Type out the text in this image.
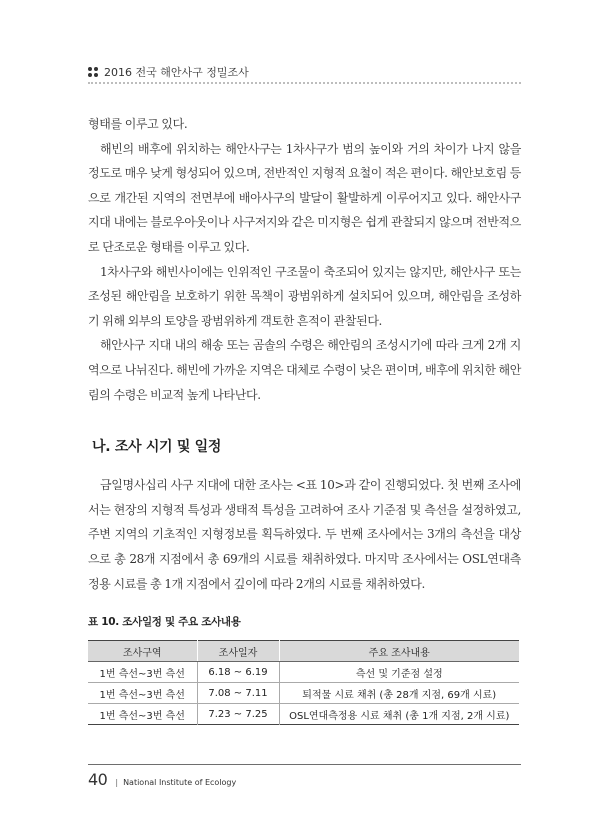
2016 전국 해안사구 정밀조사

형태를 이루고 있다.

해빈의 배후에 위치하는 해안사구는 1차사구가 범의 높이와 거의 차이가 나지 않을 정도로 매우 낮게 형성되어 있으며, 전반적인 지형적 요철이 적은 편이다. 해안보호림 등으로 개간된 지역의 전면부에 배아사구의 발달이 활발하게 이루어지고 있다. 해안사구지대 내에는 블로우아웃이나 사구저지와 같은 미지형은 쉽게 관찰되지 않으며 전반적으로 단조로운 형태를 이루고 있다.

1차사구와 해빈사이에는 인위적인 구조물이 축조되어 있지는 않지만, 해안사구 또는 조성된 해안림을 보호하기 위한 목책이 광범위하게 설치되어 있으며, 해안림을 조성하기 위해 외부의 토양을 광범위하게 객토한 흔적이 관찰된다.

해안사구 지대 내의 해송 또는 곰솔의 수령은 해안림의 조성시기에 따라 크게 2개 지역으로 나뉘진다. 해빈에 가까운 지역은 대체로 수령이 낮은 편이며, 배후에 위치한 해안림의 수령은 비교적 높게 나타난다.

나. 조사 시기 및 일정

금일명사십리 사구 지대에 대한 조사는 <표 10>과 같이 진행되었다. 첫 번째 조사에서는 현장의 지형적 특성과 생태적 특성을 고려하여 조사 기준점 및 측선을 설정하였고, 주변 지역의 기초적인 지형정보를 획득하였다. 두 번째 조사에서는 3개의 측선을 대상으로 총 28개 지점에서 총 69개의 시료를 채취하였다. 마지막 조사에서는 OSL연대측정용 시료를 총 1개 지점에서 깊이에 따라 2개의 시료를 채취하였다.

표 10. 조사일정 및 주요 조사내용
조사구역	조사일자	주요 조사내용
1번 측선~3번 측선	6.18 ~ 6.19	측선 및 기준점 설정
1번 측선~3번 측선	7.08 ~ 7.11	퇴적물 시료 채취 (총 28개 지점, 69개 시료)
1번 측선~3번 측선	7.23 ~ 7.25	OSL연대측정용 시료 채취 (총 1개 지점, 2개 시료)
40 | National Institute of Ecology
